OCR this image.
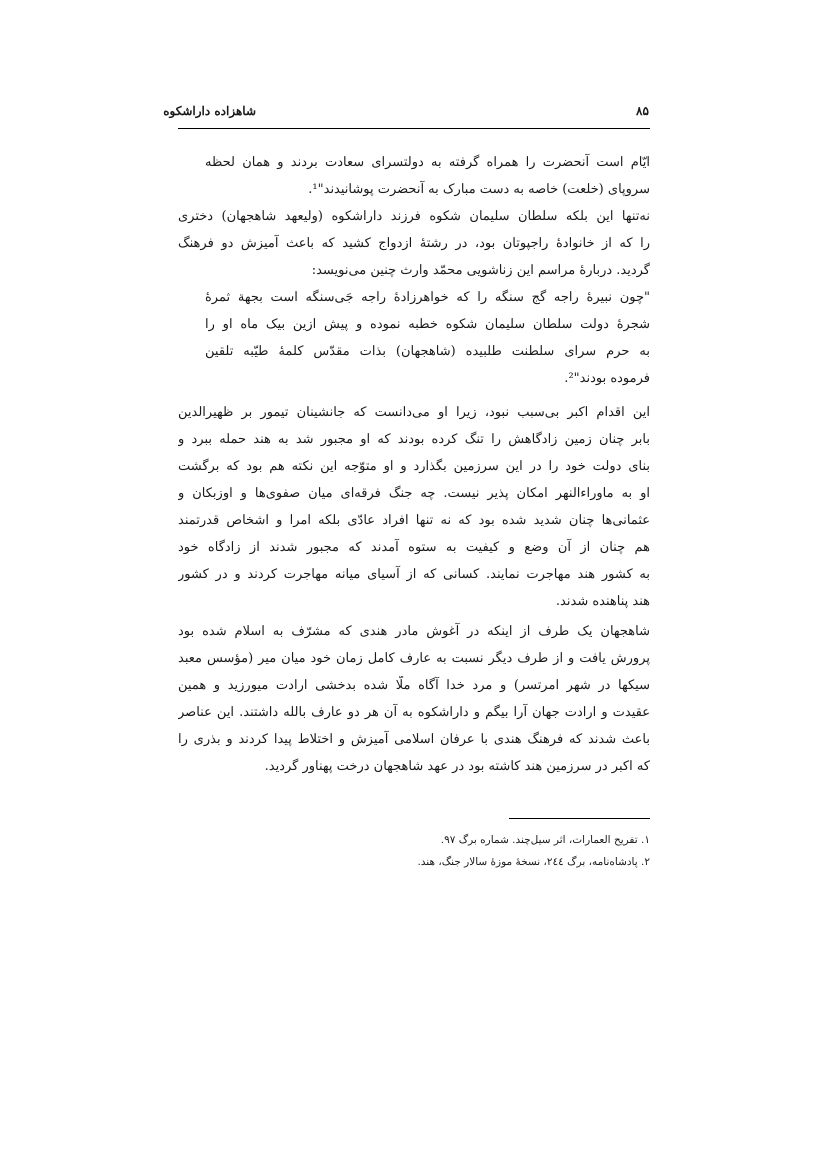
شاهزاده داراشکوه	۸۵
ایّام است آنحضرت را همراه گرفته به دولتسرای سعادت بردند و همان لحظه
سروپای (خلعت) خاصه به دست مبارک به آنحضرت پوشانیدند"¹.
نه‌تنها این بلکه سلطان سلیمان شکوه فرزند داراشکوه (ولیعهد شاهجهان) دختری
را که از خانوادهٔ راجپوتان بود، در رشتهٔ ازدواج کشید که باعث آمیزش دو فرهنگ
گردید. دربارهٔ مراسم این زناشویی محمّد وارث چنین می‌نویسد:
"چون نبیرهٔ راجه گج سنگه را که خواهرزادهٔ راجه جَی‌سنگه است بجهة ثمرهٔ
شجرهٔ دولت سلطان سلیمان شکوه خطبه نموده و پیش ازین بیک ماه او را
به حرم سرای سلطنت طلبیده (شاهجهان) بذات مقدّس کلمهٔ طیّبه تلقین
فرموده بودند"².
این اقدام اکبر بی‌سبب نبود، زیرا او می‌دانست که جانشینان تیمور بر ظهیرالدین
بابر چنان زمین زادگاهش را تنگ کرده بودند که او مجبور شد به هند حمله ببرد و
بنای دولت خود را در این سرزمین بگذارد و او متوّجه این نکته هم بود که برگشت
او به ماوراءالنهر امکان پذیر نیست. چه جنگ فرقه‌ای میان صفوی‌ها و اوزبکان و
عثمانی‌ها چنان شدید شده بود که نه تنها افراد عادّی بلکه امرا و اشخاص قدرتمند
هم چنان از آن وضع و کیفیت به ستوه آمدند که مجبور شدند از زادگاه خود
به کشور هند مهاجرت نمایند. کسانی که از آسیای میانه مهاجرت کردند و در کشور
هند پناهنده شدند.
شاهجهان یک طرف از اینکه در آغوش مادر هندی که مشرّف به اسلام شده بود
پرورش یافت و از طرف دیگر نسبت به عارف کامل زمان خود میان میر (مؤسس معبد
سیکها در شهر امرتسر) و مرد خدا آگاه ملّا شده بدخشی ارادت میورزید و همین
عقیدت و ارادت جهان آرا بیگم و داراشکوه به آن هر دو عارف بالله داشتند. این عناصر
باعث شدند که فرهنگ هندی با عرفان اسلامی آمیزش و اختلاط پیدا کردند و بذری را
که اکبر در سرزمین هند کاشته بود در عهد شاهجهان درخت پهناور گردید.
۱. تفریح العمارات، اثر سیل‌چند. شماره برگ ۹۷.
۲. پادشاه‌نامه، برگ ۲٤٤، نسخهٔ موزهٔ سالار جنگ، هند.
